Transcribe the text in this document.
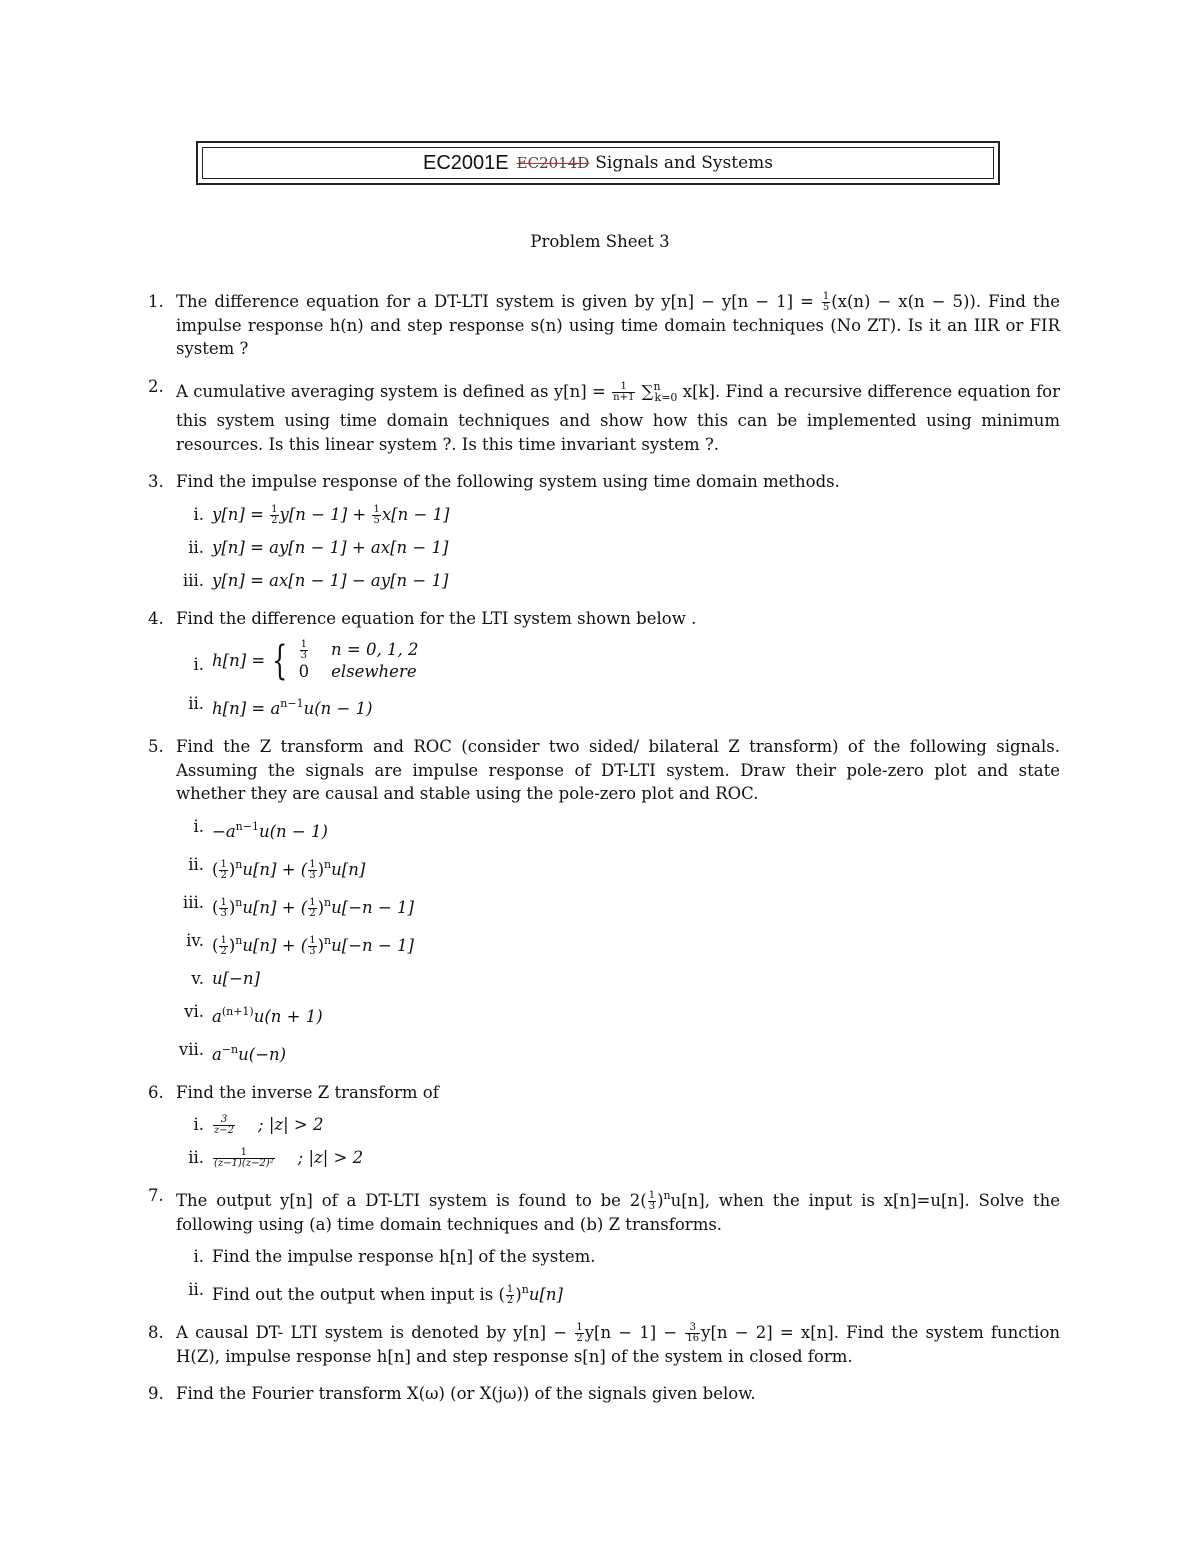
EC2001E EC2014D Signals and Systems
Problem Sheet 3
1. The difference equation for a DT-LTI system is given by $y[n] - y[n - 1] = \frac{1}{5} (x(n) - x(n - 5))$. Find the impulse response h(n) and step response s(n) using time domain techniques (No ZT). Is it an IIR or FIR system ?
2. A cumulative averaging system is defined as $y[n] = \frac{1}{n+1} \sum^n_{k=0}$ x[k]. Find a recursive difference equation for this system using time domain techniques and show how this can be implemented using minimum resources. Is this linear system ?. Is this time invariant system ?.
3. Find the impulse response of the following system using time domain methods.
i. $y[n] = \frac{1}{2} y[n - 1] + \frac{1}{5} x[n - 1]$
ii. y[n] = ay[n − 1] + ax[n − 1]
iii. y[n] = ax[n − 1] − ay[n − 1]
4. Find the difference equation for the LTI system shown below .
i. h[n] = { $\frac{1}{3}$ n = 0, 1, 2
0 elsewhere
ii. $h[n] = a^{n-1}u(n - 1)$
5. Find the Z transform and ROC (consider two sided/ bilateral Z transform) of the following signals. Assuming the signals are impulse response of DT-LTI system. Draw their pole-zero plot and state whether they are causal and stable using the pole-zero plot and ROC.
i. $-a^{n-1}u(n - 1)$
ii. ( $\frac{1}{2} )^nu[n]$ + ( $\frac{1}{3} )^nu[n]$
iii. ( $\frac{1}{3} )^nu[n]$ + ( $\frac{1}{2} )^nu[-n - 1]$
iv. ( $\frac{1}{2} )^nu[n]$ + ( $\frac{1}{3} )^nu[-n - 1]$
v. u[−n]
vi. $a^{(n+1)}u(n + 1)$
vii. $a^{-n}u(-n)$
6. Find the inverse Z transform of
i. $\frac{3}{z-2}$ ; |z| > 2
ii. $\frac{1}{\text{(z−1)(z−2)²}}$ ; |z| > 2
7. The output y[n] of a DT-LTI system is found to be $2( \frac{1}{3} )^nu[n]$, when the input is x[n]=u[n]. Solve the following using (a) time domain techniques and (b) Z transforms.
i. Find the impulse response h[n] of the system.
ii. Find out the output when input is ( $\frac{1}{2} )^nu[n]$
8. A causal DT- LTI system is denoted by $y[n] - \frac{1}{2} y[n - 1] - \frac{3}{16} y[n - 2] = x[n]$. Find the system function H(Z), impulse response h[n] and step response s[n] of the system in closed form.
9. Find the Fourier transform X(ω) (or X(jω)) of the signals given below.
